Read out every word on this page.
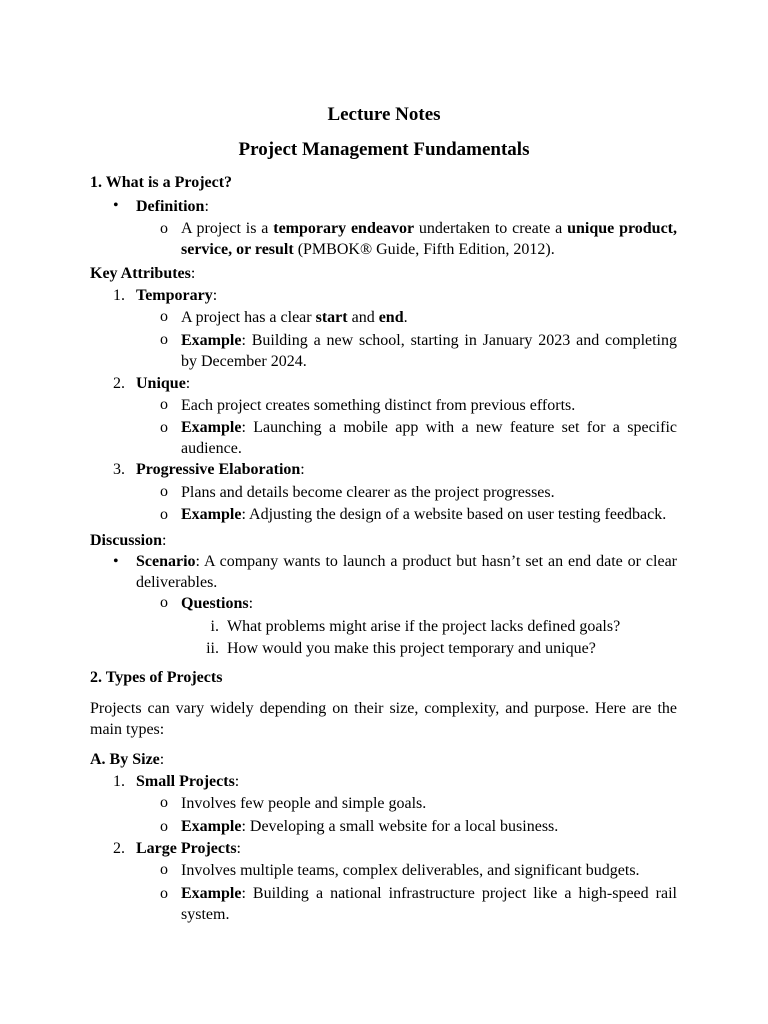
Lecture Notes
Project Management Fundamentals
1. What is a Project?
• Definition:
o A project is a temporary endeavor undertaken to create a unique product, service, or result (PMBOK® Guide, Fifth Edition, 2012).
Key Attributes:
1. Temporary:
o A project has a clear start and end.
o Example: Building a new school, starting in January 2023 and completing by December 2024.
2. Unique:
o Each project creates something distinct from previous efforts.
o Example: Launching a mobile app with a new feature set for a specific audience.
3. Progressive Elaboration:
o Plans and details become clearer as the project progresses.
o Example: Adjusting the design of a website based on user testing feedback.
Discussion:
• Scenario: A company wants to launch a product but hasn’t set an end date or clear deliverables.
o Questions:
i. What problems might arise if the project lacks defined goals?
ii. How would you make this project temporary and unique?
2. Types of Projects
Projects can vary widely depending on their size, complexity, and purpose. Here are the main types:
A. By Size:
1. Small Projects:
o Involves few people and simple goals.
o Example: Developing a small website for a local business.
2. Large Projects:
o Involves multiple teams, complex deliverables, and significant budgets.
o Example: Building a national infrastructure project like a high-speed rail system.
